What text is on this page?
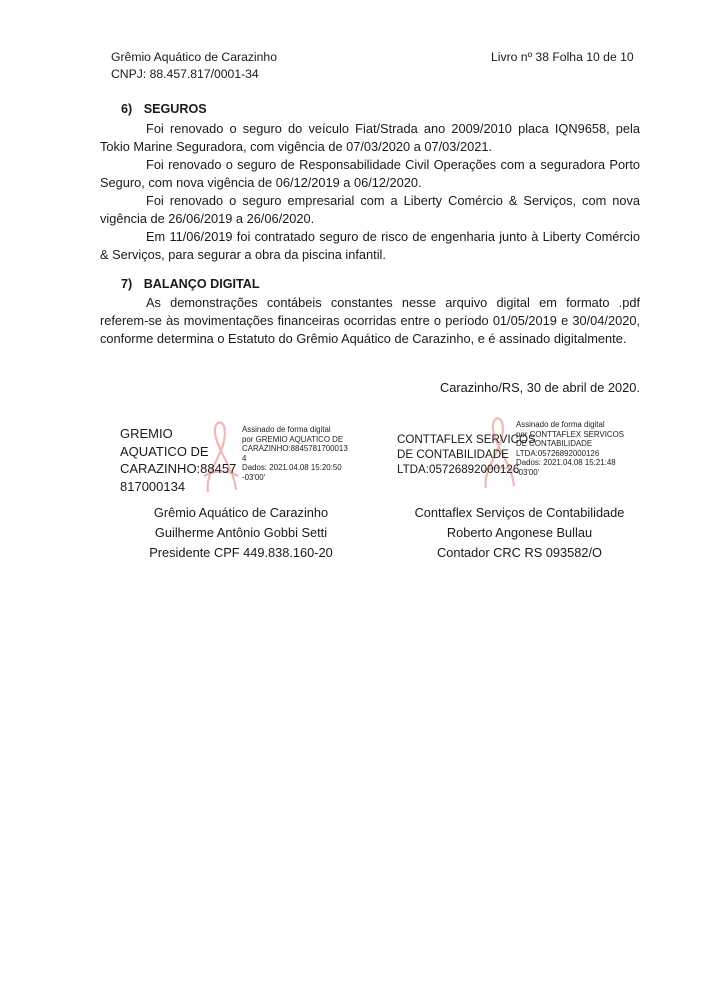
Grêmio Aquático de Carazinho
CNPJ: 88.457.817/0001-34
Livro nº 38 Folha 10 de 10
6) SEGUROS
Foi renovado o seguro do veículo Fiat/Strada ano 2009/2010 placa IQN9658, pela Tokio Marine Seguradora, com vigência de 07/03/2020 a 07/03/2021.
Foi renovado o seguro de Responsabilidade Civil Operações com a seguradora Porto Seguro, com nova vigência de 06/12/2019 a 06/12/2020.
Foi renovado o seguro empresarial com a Liberty Comércio & Serviços, com nova vigência de 26/06/2019 a 26/06/2020.
Em 11/06/2019 foi contratado seguro de risco de engenharia junto à Liberty Comércio & Serviços, para segurar a obra da piscina infantil.
7) BALANÇO DIGITAL
As demonstrações contábeis constantes nesse arquivo digital em formato .pdf referem-se às movimentações financeiras ocorridas entre o período 01/05/2019 e 30/04/2020, conforme determina o Estatuto do Grêmio Aquático de Carazinho, e é assinado digitalmente.
Carazinho/RS, 30 de abril de 2020.
GREMIO
AQUATICO DE
CARAZINHO:88457
817000134
Assinado de forma digital
por GREMIO AQUATICO DE
CARAZINHO:8845781700013
4
Dados: 2021.04.08 15:20:50
-03'00'
CONTTAFLEX SERVICOS
DE CONTABILIDADE
LTDA:05726892000126
Assinado de forma digital
por CONTTAFLEX SERVICOS
DE CONTABILIDADE
LTDA:05726892000126
Dados: 2021.04.08 15:21:48
-03'00'
Grêmio Aquático de Carazinho
Guilherme Antônio Gobbi Setti
Presidente CPF 449.838.160-20
Conttaflex Serviços de Contabilidade
Roberto Angonese Bullau
Contador CRC RS 093582/O
